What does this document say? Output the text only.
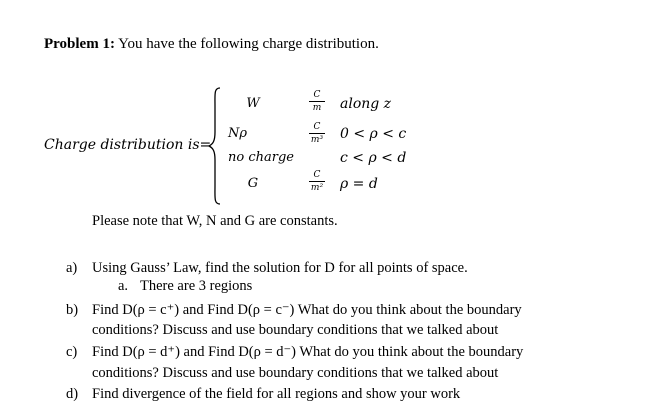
Problem 1: You have the following charge distribution.
Charge distribution is=
W	$\frac{C}{m}$ along z
Nρ	$\frac{C}{\text{m³}} 0 < \rho < c$
no charge	c < ρ < d
G	$\frac{C}{\text{m²}}$ ρ = d
Please note that W, N and G are constants.
a) Using Gauss’ Law, find the solution for D for all points of space.
a. There are 3 regions
b) Find D(ρ = c⁺) and Find D(ρ = c⁻) What do you think about the boundary
conditions? Discuss and use boundary conditions that we talked about
c) Find D(ρ = d⁺) and Find D(ρ = d⁻) What do you think about the boundary
conditions? Discuss and use boundary conditions that we talked about
d) Find divergence of the field for all regions and show your work
